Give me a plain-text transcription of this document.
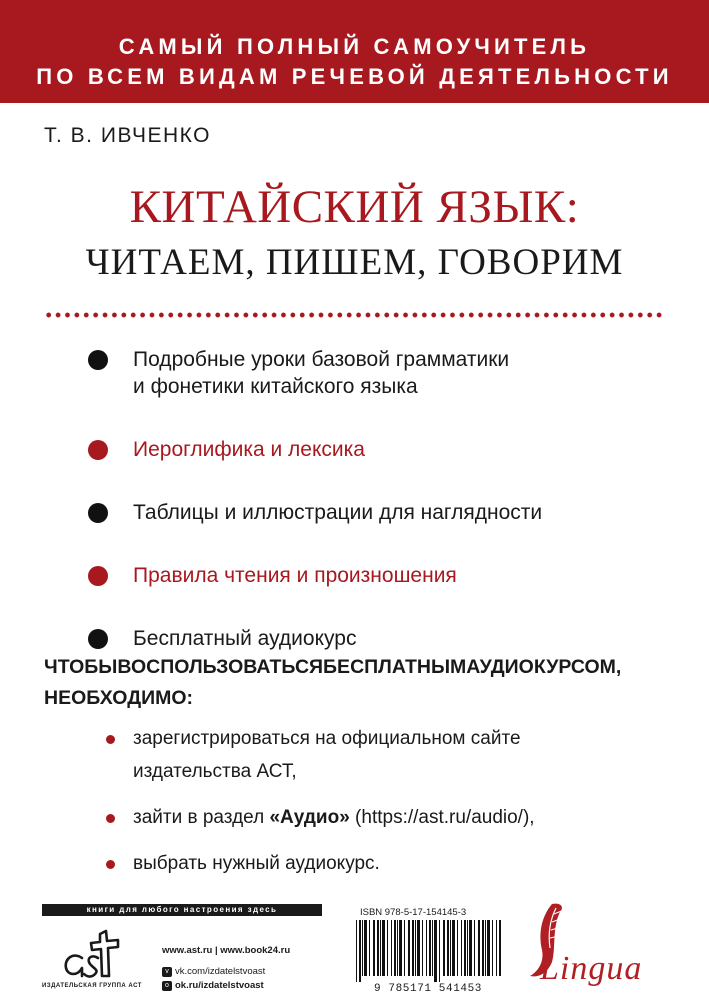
САМЫЙ ПОЛНЫЙ САМОУЧИТЕЛЬ
ПО ВСЕМ ВИДАМ РЕЧЕВОЙ ДЕЯТЕЛЬНОСТИ
Т. В. ИВЧЕНКО
КИТАЙСКИЙ ЯЗЫК:
ЧИТАЕМ, ПИШЕМ, ГОВОРИМ
Подробные уроки базовой грамматики
и фонетики китайского языка
Иероглифика и лексика
Таблицы и иллюстрации для наглядности
Правила чтения и произношения
Бесплатный аудиокурс
ЧТОБЫВОСПОЛЬЗОВАТЬСЯБЕСПЛАТНЫМАУДИОКУРСОМ,
НЕОБХОДИМО:
зарегистрироваться на официальном сайте
издательства АСТ,
зайти в раздел «Аудио» (https://ast.ru/audio/),
выбрать нужный аудиокурс.
книги для любого настроения здесь
ИЗДАТЕЛЬСКАЯ ГРУППА АСТ
www.ast.ru | www.book24.ru
v vk.com/izdatelstvoast
o ok.ru/izdatelstvoast
ISBN 978-5-17-154145-3
9 785171 541453
Lingua
